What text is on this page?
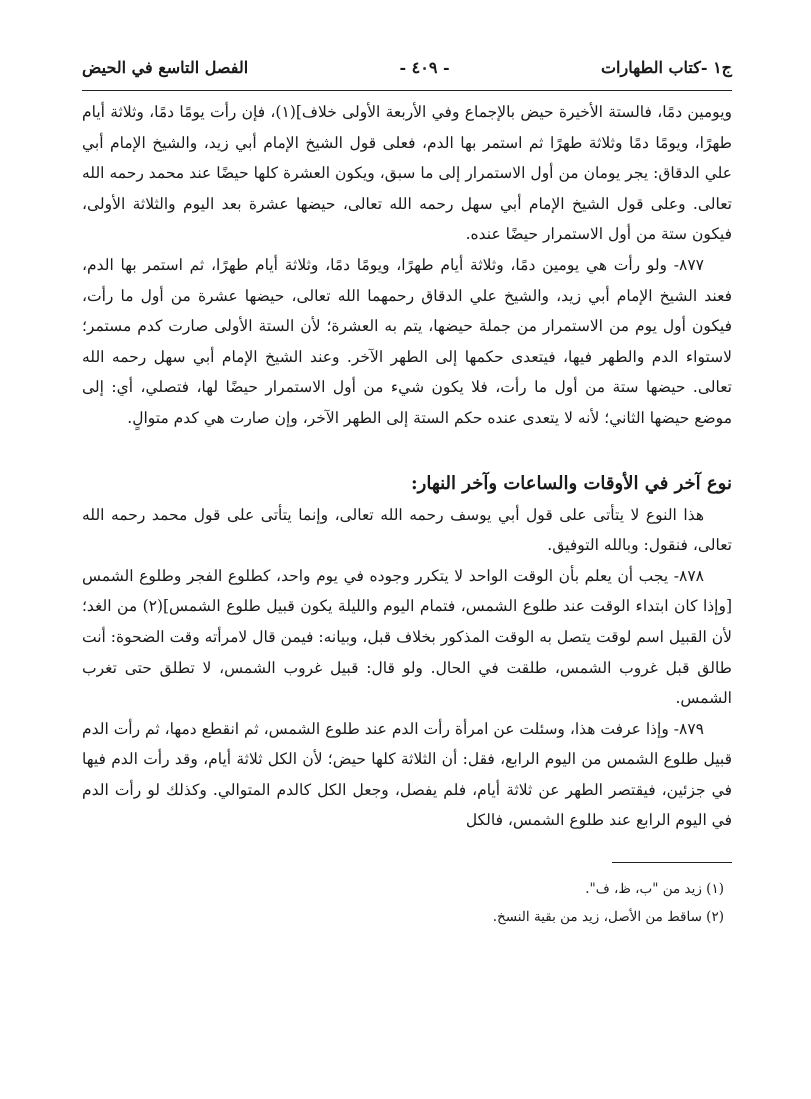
ج١ -كتاب الطهارات
- ٤٠٩ -
الفصل التاسع في الحيض

ويومين دمًا، فالستة الأخيرة حيض بالإجماع وفي الأربعة الأولى خلاف](١)، فإن رأت يومًا دمًا، وثلاثة أيام طهرًا، ويومًا دمًا وثلاثة طهرًا ثم استمر بها الدم، فعلى قول الشيخ الإمام أبي زيد، والشيخ الإمام أبي علي الدقاق: يجر يومان من أول الاستمرار إلى ما سبق، ويكون العشرة كلها حيضًا عند محمد رحمه الله تعالى. وعلى قول الشيخ الإمام أبي سهل رحمه الله تعالى، حيضها عشرة بعد اليوم والثلاثة الأولى، فيكون ستة من أول الاستمرار حيضًا عنده.

٨٧٧- ولو رأت هي يومين دمًا، وثلاثة أيام طهرًا، ويومًا دمًا، وثلاثة أيام طهرًا، ثم استمر بها الدم، فعند الشيخ الإمام أبي زيد، والشيخ علي الدقاق رحمهما الله تعالى، حيضها عشرة من أول ما رأت، فيكون أول يوم من الاستمرار من جملة حيضها، يتم به العشرة؛ لأن الستة الأولى صارت كدم مستمر؛ لاستواء الدم والطهر فيها، فيتعدى حكمها إلى الطهر الآخر. وعند الشيخ الإمام أبي سهل رحمه الله تعالى. حيضها ستة من أول ما رأت، فلا يكون شيء من أول الاستمرار حيضًا لها، فتصلي، أي: إلى موضع حيضها الثاني؛ لأنه لا يتعدى عنده حكم الستة إلى الطهر الآخر، وإن صارت هي كدم متوالٍ.

نوع آخر في الأوقات والساعات وآخر النهار:

هذا النوع لا يتأتى على قول أبي يوسف رحمه الله تعالى، وإنما يتأتى على قول محمد رحمه الله تعالى، فنقول: وبالله التوفيق.

٨٧٨- يجب أن يعلم بأن الوقت الواحد لا يتكرر وجوده في يوم واحد، كطلوع الفجر وطلوع الشمس [وإذا كان ابتداء الوقت عند طلوع الشمس، فتمام اليوم والليلة يكون قبيل طلوع الشمس](٢) من الغد؛ لأن القبيل اسم لوقت يتصل به الوقت المذكور بخلاف قبل، وبيانه: فيمن قال لامرأته وقت الضحوة: أنت طالق قبل غروب الشمس، طلقت في الحال. ولو قال: قبيل غروب الشمس، لا تطلق حتى تغرب الشمس.

٨٧٩- وإذا عرفت هذا، وسئلت عن امرأة رأت الدم عند طلوع الشمس، ثم انقطع دمها، ثم رأت الدم قبيل طلوع الشمس من اليوم الرابع، فقل: أن الثلاثة كلها حيض؛ لأن الكل ثلاثة أيام، وقد رأت الدم فيها في جزئين، فيقتصر الطهر عن ثلاثة أيام، فلم يفصل، وجعل الكل كالدم المتوالي. وكذلك لو رأت الدم في اليوم الرابع عند طلوع الشمس، فالكل

(١) زيد من "ب، ظ، ف".

(٢) ساقط من الأصل، زيد من بقية النسخ.
